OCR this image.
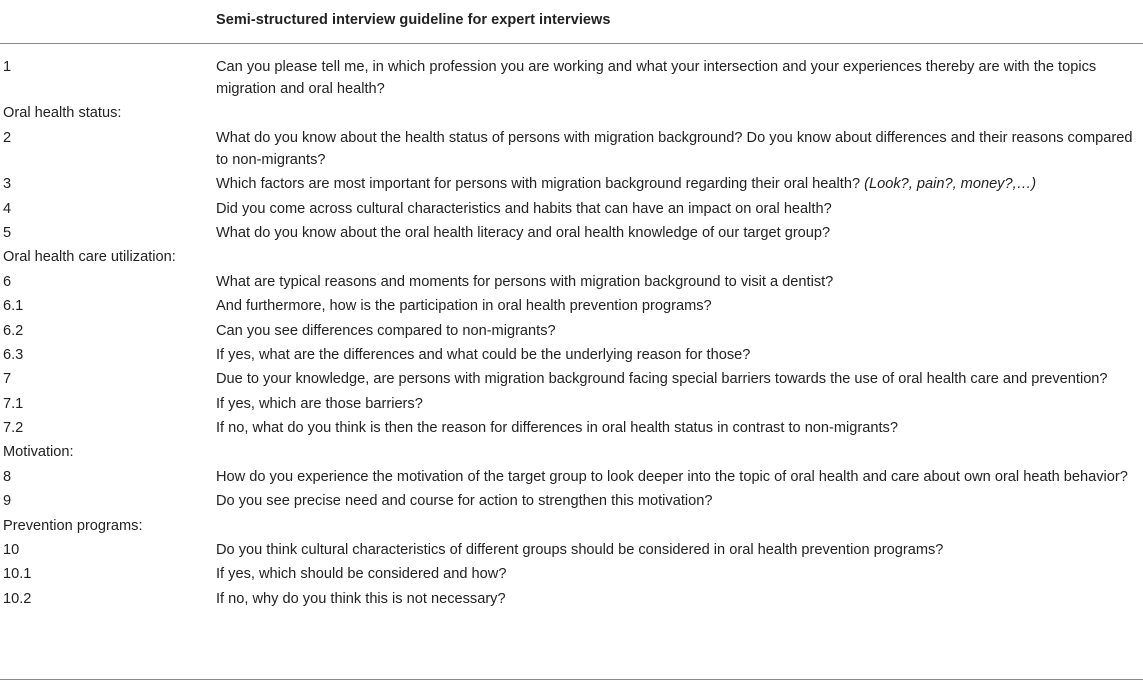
Semi-structured interview guideline for expert interviews
1	Can you please tell me, in which profession you are working and what your intersection and your experiences thereby are with the topics migration and oral health?
Oral health status:
2	What do you know about the health status of persons with migration background? Do you know about differences and their reasons compared to non-migrants?
3	Which factors are most important for persons with migration background regarding their oral health? (Look?, pain?, money?,…)
4	Did you come across cultural characteristics and habits that can have an impact on oral health?
5	What do you know about the oral health literacy and oral health knowledge of our target group?
Oral health care utilization:
6	What are typical reasons and moments for persons with migration background to visit a dentist?
6.1	And furthermore, how is the participation in oral health prevention programs?
6.2	Can you see differences compared to non-migrants?
6.3	If yes, what are the differences and what could be the underlying reason for those?
7	Due to your knowledge, are persons with migration background facing special barriers towards the use of oral health care and prevention?
7.1	If yes, which are those barriers?
7.2	If no, what do you think is then the reason for differences in oral health status in contrast to non-migrants?
Motivation:
8	How do you experience the motivation of the target group to look deeper into the topic of oral health and care about own oral heath behavior?
9	Do you see precise need and course for action to strengthen this motivation?
Prevention programs:
10	Do you think cultural characteristics of different groups should be considered in oral health prevention programs?
10.1	If yes, which should be considered and how?
10.2	If no, why do you think this is not necessary?
